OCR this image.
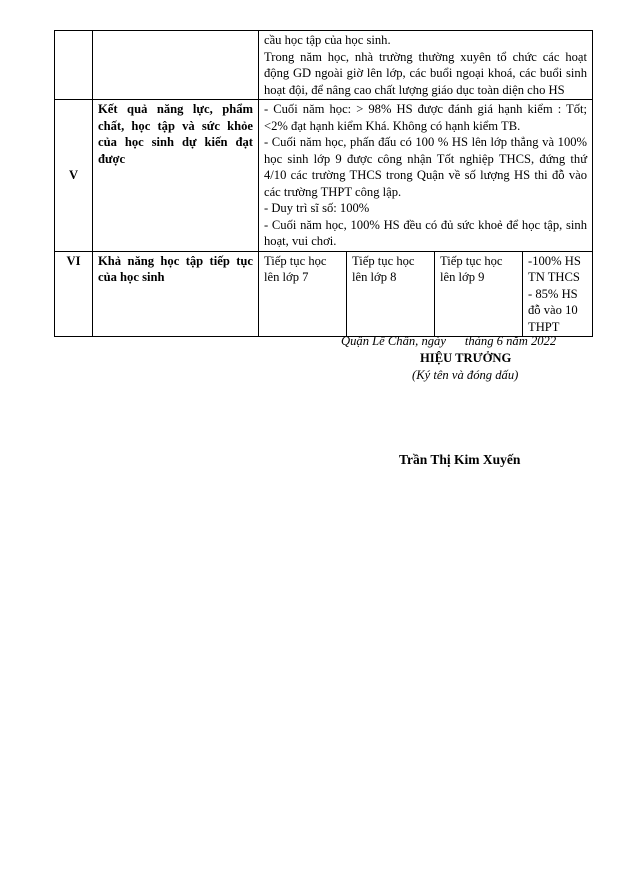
		cầu học tập của học sinh.

Trong năm học, nhà trường thường xuyên tổ chức các hoạt động GD ngoài giờ lên lớp, các buổi ngoại khoá, các buổi sinh hoạt đội, để nâng cao chất lượng giáo dục toàn diện cho HS			

V	Kết quả năng lực, phẩm chất, học tập và sức khỏe của học sinh dự kiến đạt được	- Cuối năm học: > 98% HS được đánh giá hạnh kiểm : Tốt; <2% đạt hạnh kiểm Khá. Không có hạnh kiểm TB.

- Cuối năm học, phấn đấu có 100 % HS lên lớp thẳng và 100% học sinh lớp 9 được công nhận Tốt nghiệp THCS, đứng thứ 4/10 các trường THCS trong Quận về số lượng HS thi đỗ vào các trường THPT công lập.

- Duy trì sĩ số: 100%

- Cuối năm học, 100% HS đều có đủ sức khoẻ để học tập, sinh hoạt, vui chơi.			

VI	Khả năng học tập tiếp tục của học sinh	Tiếp tục học lên lớp 7	Tiếp tục học lên lớp 8	Tiếp tục học lên lớp 9	-100% HS TN THCS - 85% HS đỗ vào 10 THPT
Quận Lê Chân, ngày      tháng 6 năm 2022
HIỆU TRƯỞNG
(Ký tên và đóng dấu)
Trần Thị Kim Xuyến
